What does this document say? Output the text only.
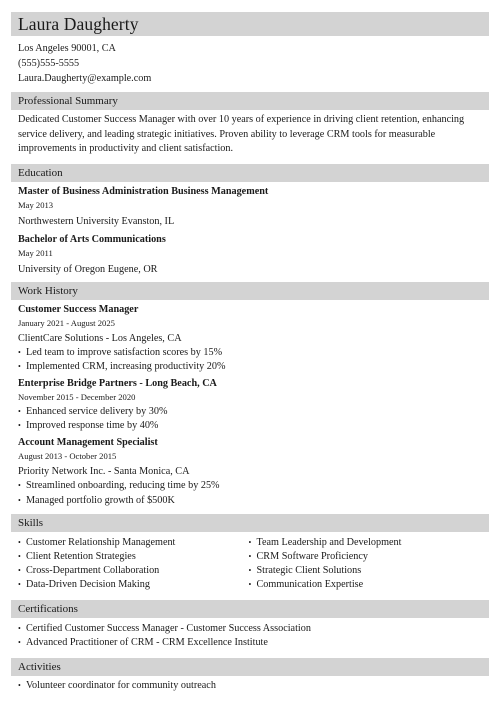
Laura Daugherty
Los Angeles 90001, CA
(555)555-5555
Laura.Daugherty@example.com
Professional Summary
Dedicated Customer Success Manager with over 10 years of experience in driving client retention, enhancing service delivery, and leading strategic initiatives. Proven ability to leverage CRM tools for measurable improvements in productivity and client satisfaction.
Education
Master of Business Administration Business Management
May 2013
Northwestern University Evanston, IL
Bachelor of Arts Communications
May 2011
University of Oregon Eugene, OR
Work History
Customer Success Manager
January 2021 - August 2025
ClientCare Solutions - Los Angeles, CA
• Led team to improve satisfaction scores by 15%
• Implemented CRM, increasing productivity 20%
Enterprise Bridge Partners - Long Beach, CA
November 2015 - December 2020
• Enhanced service delivery by 30%
• Improved response time by 40%
Account Management Specialist
August 2013 - October 2015
Priority Network Inc. - Santa Monica, CA
• Streamlined onboarding, reducing time by 25%
• Managed portfolio growth of $500K
Skills
• Customer Relationship Management
• Client Retention Strategies
• Cross-Department Collaboration
• Data-Driven Decision Making
• Team Leadership and Development
• CRM Software Proficiency
• Strategic Client Solutions
• Communication Expertise
Certifications
• Certified Customer Success Manager - Customer Success Association
• Advanced Practitioner of CRM - CRM Excellence Institute
Activities
• Volunteer coordinator for community outreach
